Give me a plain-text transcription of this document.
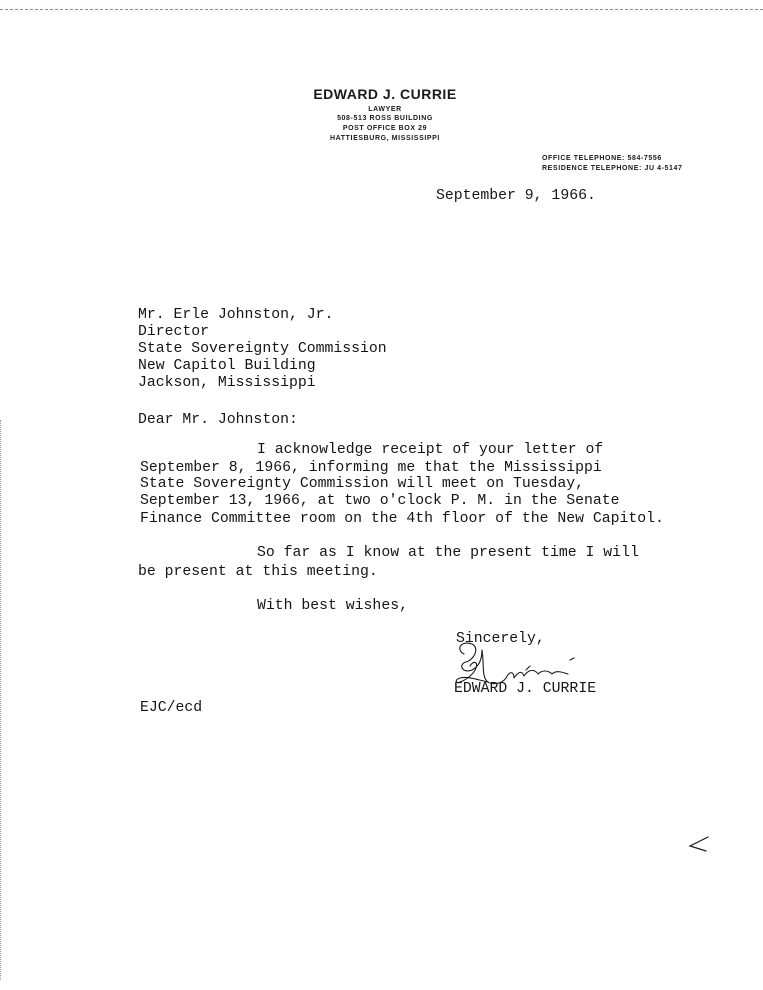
EDWARD J. CURRIE
LAWYER
508-513 ROSS BUILDING
POST OFFICE BOX 29
HATTIESBURG, MISSISSIPPI
OFFICE TELEPHONE: 584-7556
RESIDENCE TELEPHONE: JU 4-5147
September 9, 1966.
Mr. Erle Johnston, Jr.
Director
State Sovereignty Commission
New Capitol Building
Jackson, Mississippi
Dear Mr. Johnston:
I acknowledge receipt of your letter of
September 8, 1966, informing me that the Mississippi
State Sovereignty Commission will meet on Tuesday,
September 13, 1966, at two o'clock P. M. in the Senate
Finance Committee room on the 4th floor of the New Capitol.
So far as I know at the present time I will
be present at this meeting.
With best wishes,
Sincerely,
EDWARD J. CURRIE
EJC/ecd
